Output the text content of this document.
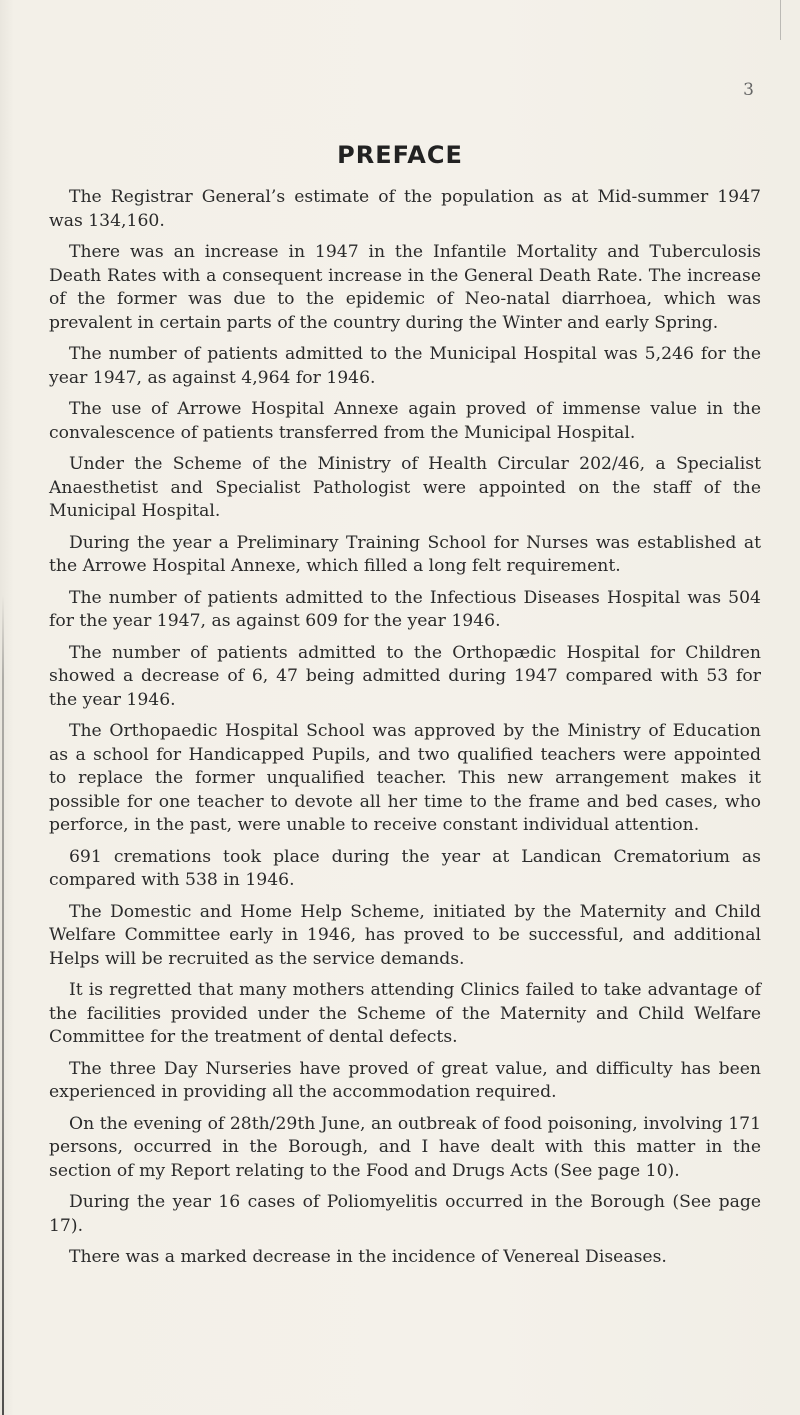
3
PREFACE

The Registrar General’s estimate of the population as at Mid-summer 1947 was 134,160.

There was an increase in 1947 in the Infantile Mortality and Tuberculosis Death Rates with a consequent increase in the General Death Rate. The increase of the former was due to the epidemic of Neo-natal diarrhoea, which was prevalent in certain parts of the country during the Winter and early Spring.

The number of patients admitted to the Municipal Hospital was 5,246 for the year 1947, as against 4,964 for 1946.

The use of Arrowe Hospital Annexe again proved of immense value in the convalescence of patients transferred from the Municipal Hospital.

Under the Scheme of the Ministry of Health Circular 202/46, a Specialist Anaesthetist and Specialist Pathologist were appointed on the staff of the Municipal Hospital.

During the year a Preliminary Training School for Nurses was established at the Arrowe Hospital Annexe, which filled a long felt requirement.

The number of patients admitted to the Infectious Diseases Hospital was 504 for the year 1947, as against 609 for the year 1946.

The number of patients admitted to the Orthopædic Hospital for Children showed a decrease of 6, 47 being admitted during 1947 compared with 53 for the year 1946.

The Orthopaedic Hospital School was approved by the Ministry of Education as a school for Handicapped Pupils, and two qualified teachers were appointed to replace the former unqualified teacher. This new arrangement makes it possible for one teacher to devote all her time to the frame and bed cases, who perforce, in the past, were unable to receive constant individual attention.

691 cremations took place during the year at Landican Crematorium as compared with 538 in 1946.

The Domestic and Home Help Scheme, initiated by the Maternity and Child Welfare Committee early in 1946, has proved to be successful, and additional Helps will be recruited as the service demands.

It is regretted that many mothers attending Clinics failed to take advantage of the facilities provided under the Scheme of the Maternity and Child Welfare Committee for the treatment of dental defects.

The three Day Nurseries have proved of great value, and difficulty has been experienced in providing all the accommodation required.

On the evening of 28th/29th June, an outbreak of food poisoning, involving 171 persons, occurred in the Borough, and I have dealt with this matter in the section of my Report relating to the Food and Drugs Acts (See page 10).

During the year 16 cases of Poliomyelitis occurred in the Borough (See page 17).

There was a marked decrease in the incidence of Venereal Diseases.
